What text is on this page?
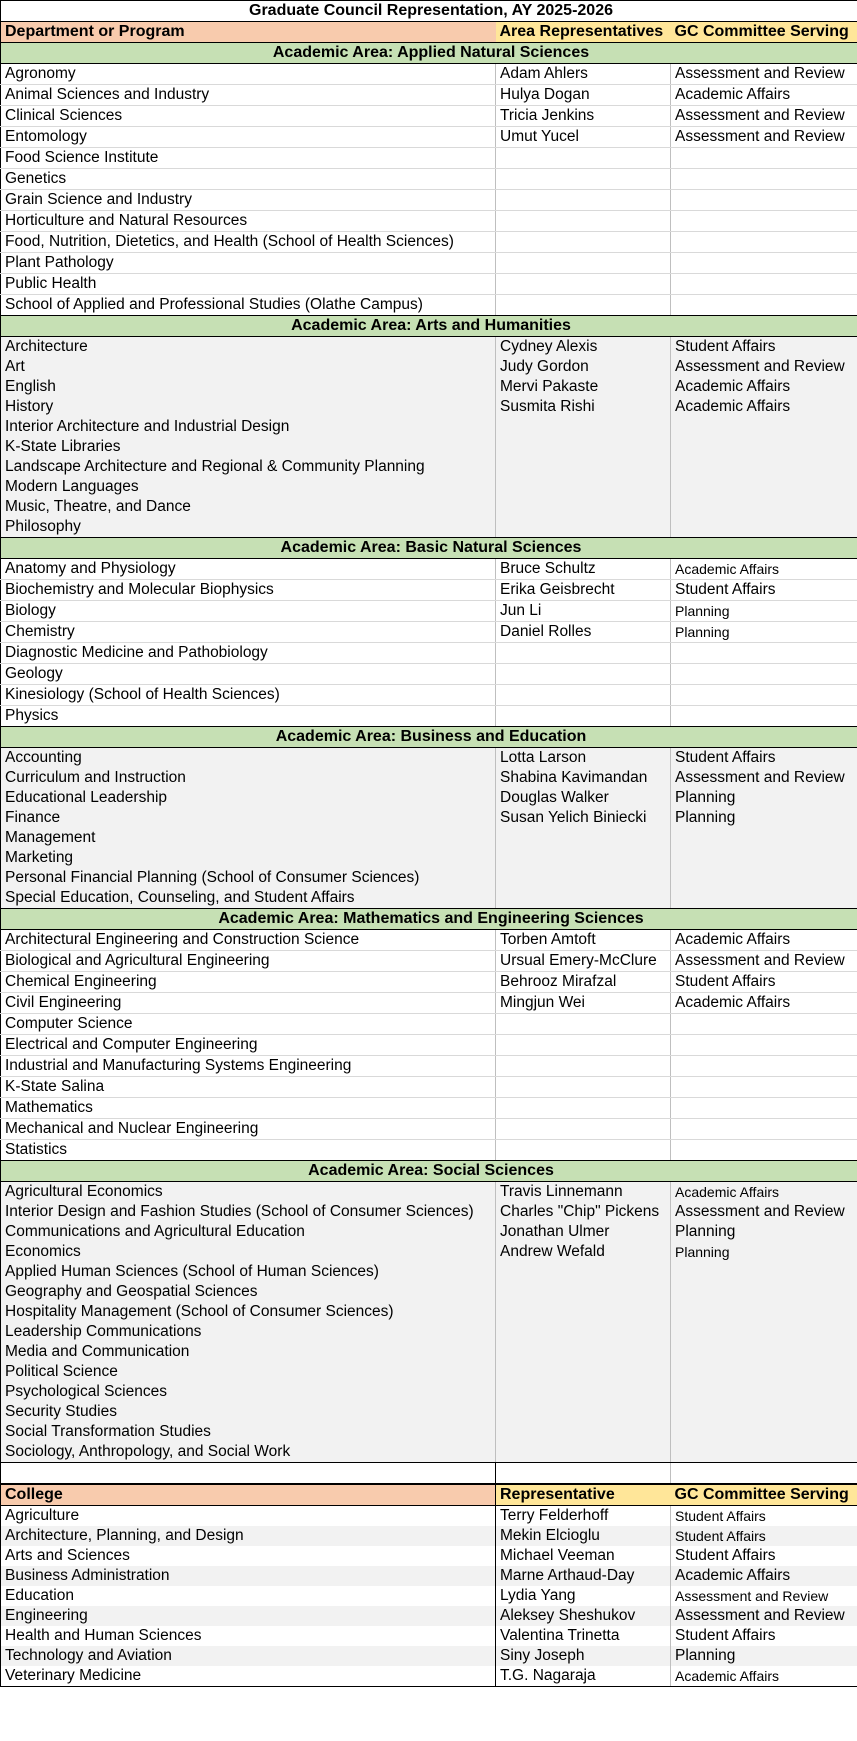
Graduate Council Representation, AY 2025-2026		
Department or Program	Area Representatives	GC Committee Serving
Academic Area: Applied Natural Sciences		
Agronomy	Adam Ahlers	Assessment and Review
Animal Sciences and Industry	Hulya Dogan	Academic Affairs
Clinical Sciences	Tricia Jenkins	Assessment and Review
Entomology	Umut Yucel	Assessment and Review
Food Science Institute		
Genetics		
Grain Science and Industry		
Horticulture and Natural Resources		
Food, Nutrition, Dietetics, and Health (School of Health Sciences)		
Plant Pathology		
Public Health		
School of Applied and Professional Studies (Olathe Campus)		
Academic Area: Arts and Humanities		
Architecture	Cydney Alexis	Student Affairs
Art	Judy Gordon	Assessment and Review
English	Mervi Pakaste	Academic Affairs
History	Susmita Rishi	Academic Affairs
Interior Architecture and Industrial Design		
K-State Libraries		
Landscape Architecture and Regional & Community Planning		
Modern Languages		
Music, Theatre, and Dance		
Philosophy		
Academic Area: Basic Natural Sciences		
Anatomy and Physiology	Bruce Schultz	Academic Affairs
Biochemistry and Molecular Biophysics	Erika Geisbrecht	Student Affairs
Biology	Jun Li	Planning
Chemistry	Daniel Rolles	Planning
Diagnostic Medicine and Pathobiology		
Geology		
Kinesiology (School of Health Sciences)		
Physics		
Academic Area: Business and Education		
Accounting	Lotta Larson	Student Affairs
Curriculum and Instruction	Shabina Kavimandan	Assessment and Review
Educational Leadership	Douglas Walker	Planning
Finance	Susan Yelich Biniecki	Planning
Management		
Marketing		
Personal Financial Planning (School of Consumer Sciences)		
Special Education, Counseling, and Student Affairs		
Academic Area: Mathematics and Engineering Sciences		
Architectural Engineering and Construction Science	Torben Amtoft	Academic Affairs
Biological and Agricultural Engineering	Ursual Emery-McClure	Assessment and Review
Chemical Engineering	Behrooz Mirafzal	Student Affairs
Civil Engineering	Mingjun Wei	Academic Affairs
Computer Science		
Electrical and Computer Engineering		
Industrial and Manufacturing Systems Engineering		
K-State Salina		
Mathematics		
Mechanical and Nuclear Engineering		
Statistics		
Academic Area: Social Sciences		
Agricultural Economics	Travis Linnemann	Academic Affairs
Interior Design and Fashion Studies (School of Consumer Sciences)	Charles "Chip" Pickens	Assessment and Review
Communications and Agricultural Education	Jonathan Ulmer	Planning
Economics	Andrew Wefald	Planning
Applied Human Sciences (School of Human Sciences)		
Geography and Geospatial Sciences		
Hospitality Management (School of Consumer Sciences)		
Leadership Communications		
Media and Communication		
Political Science		
Psychological Sciences		
Security Studies		
Social Transformation Studies		
Sociology, Anthropology, and Social Work		

College	Representative	GC Committee Serving
Agriculture	Terry Felderhoff	Student Affairs
Architecture, Planning, and Design	Mekin Elcioglu	Student Affairs
Arts and Sciences	Michael Veeman	Student Affairs
Business Administration	Marne Arthaud-Day	Academic Affairs
Education	Lydia Yang	Assessment and Review
Engineering	Aleksey Sheshukov	Assessment and Review
Health and Human Sciences	Valentina Trinetta	Student Affairs
Technology and Aviation	Siny Joseph	Planning
Veterinary Medicine	T.G. Nagaraja	Academic Affairs
